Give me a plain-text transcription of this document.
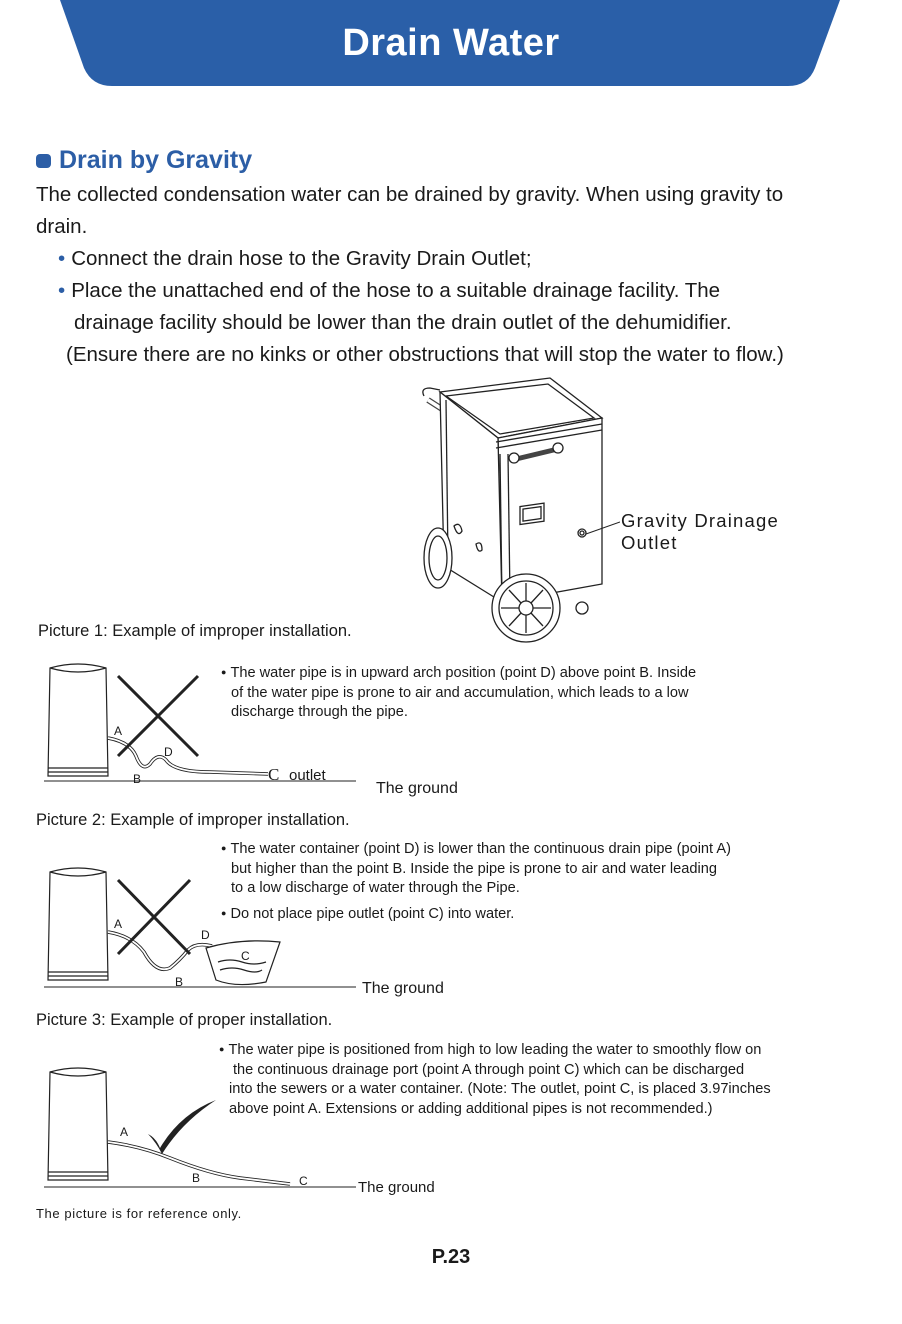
Drain Water
Drain by Gravity
The collected condensation water can be drained by gravity. When using gravity to
drain.
• Connect the drain hose to the Gravity Drain Outlet;
• Place the unattached end of the hose to a suitable drainage facility. The
drainage facility should be lower than the drain outlet of the dehumidifier.
(Ensure there are no kinks or other obstructions that will stop the water to flow.)
Gravity Drainage
Outlet
Picture 1: Example of improper installation.
A
D
B	C outlet
The ground
● The water pipe is in upward arch position (point D) above point B. Inside
of the water pipe is prone to air and accumulation, which leads to a low
discharge through the pipe.
Picture 2: Example of improper installation.
A
D
C
B	The ground
● The water container (point D) is lower than the continuous drain pipe (point A)
but higher than the point B. Inside the pipe is prone to air and water leading
to a low discharge of water through the Pipe.
● Do not place pipe outlet (point C) into water.
Picture 3: Example of proper installation.
A
B	C	The ground
● The water pipe is positioned from high to low leading the water to smoothly flow on
the continuous drainage port (point A through point C) which can be discharged
into the sewers or a water container. (Note: The outlet, point C, is placed 3.97inches
above point A. Extensions or adding additional pipes is not recommended.)
The picture is for reference only.
P.23
